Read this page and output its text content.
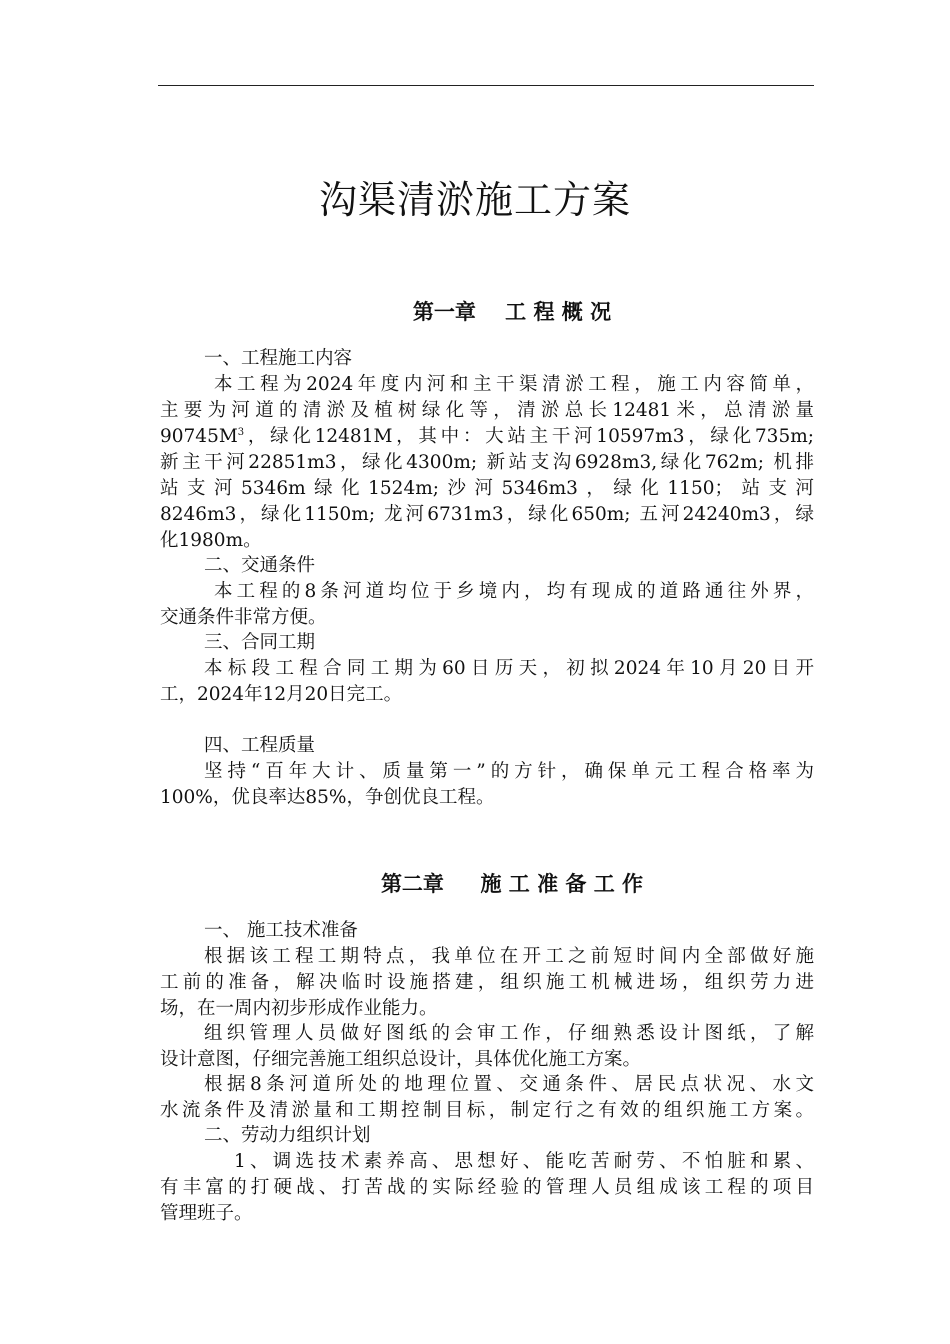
沟渠清淤施工方案
第一章    工 程 概 况
一、工程施工内容
本工程为2024年度内河和主干渠清淤工程，施工内容简单，
主要为河道的清淤及植树绿化等，清淤总长12481米，总清淤量
$90745M^3$，绿化12481M，其中：大站主干河10597m3，绿化735m;
新主干河22851m3，绿化4300m; 新站支沟6928m3,绿化762m; 机排
站支河5346m绿化1524m;沙河5346m3，绿化1150；站支河
8246m3，绿化1150m; 龙河6731m3，绿化650m; 五河24240m3，绿
化1980m。
二、交通条件
本工程的8条河道均位于乡境内，均有现成的道路通往外界，
交通条件非常方便。
三、合同工期
本标段工程合同工期为60日历天，初拟2024年10月20日开
工，2024年12月20日完工。
四、工程质量
坚持“百年大计、质量第一”的方针，确保单元工程合格率为
100%，优良率达85%，争创优良工程。
第二章     施 工 准 备 工 作
一、 施工技术准备
根据该工程工期特点，我单位在开工之前短时间内全部做好施
工前的准备，解决临时设施搭建，组织施工机械进场，组织劳力进
场，在一周内初步形成作业能力。
组织管理人员做好图纸的会审工作，仔细熟悉设计图纸，了解
设计意图，仔细完善施工组织总设计，具体优化施工方案。
根据8条河道所处的地理位置、交通条件、居民点状况、水文
水流条件及清淤量和工期控制目标，制定行之有效的组织施工方案。
二、劳动力组织计划
1、调选技术素养高、思想好、能吃苦耐劳、不怕脏和累、
有丰富的打硬战、打苦战的实际经验的管理人员组成该工程的项目
管理班子。
